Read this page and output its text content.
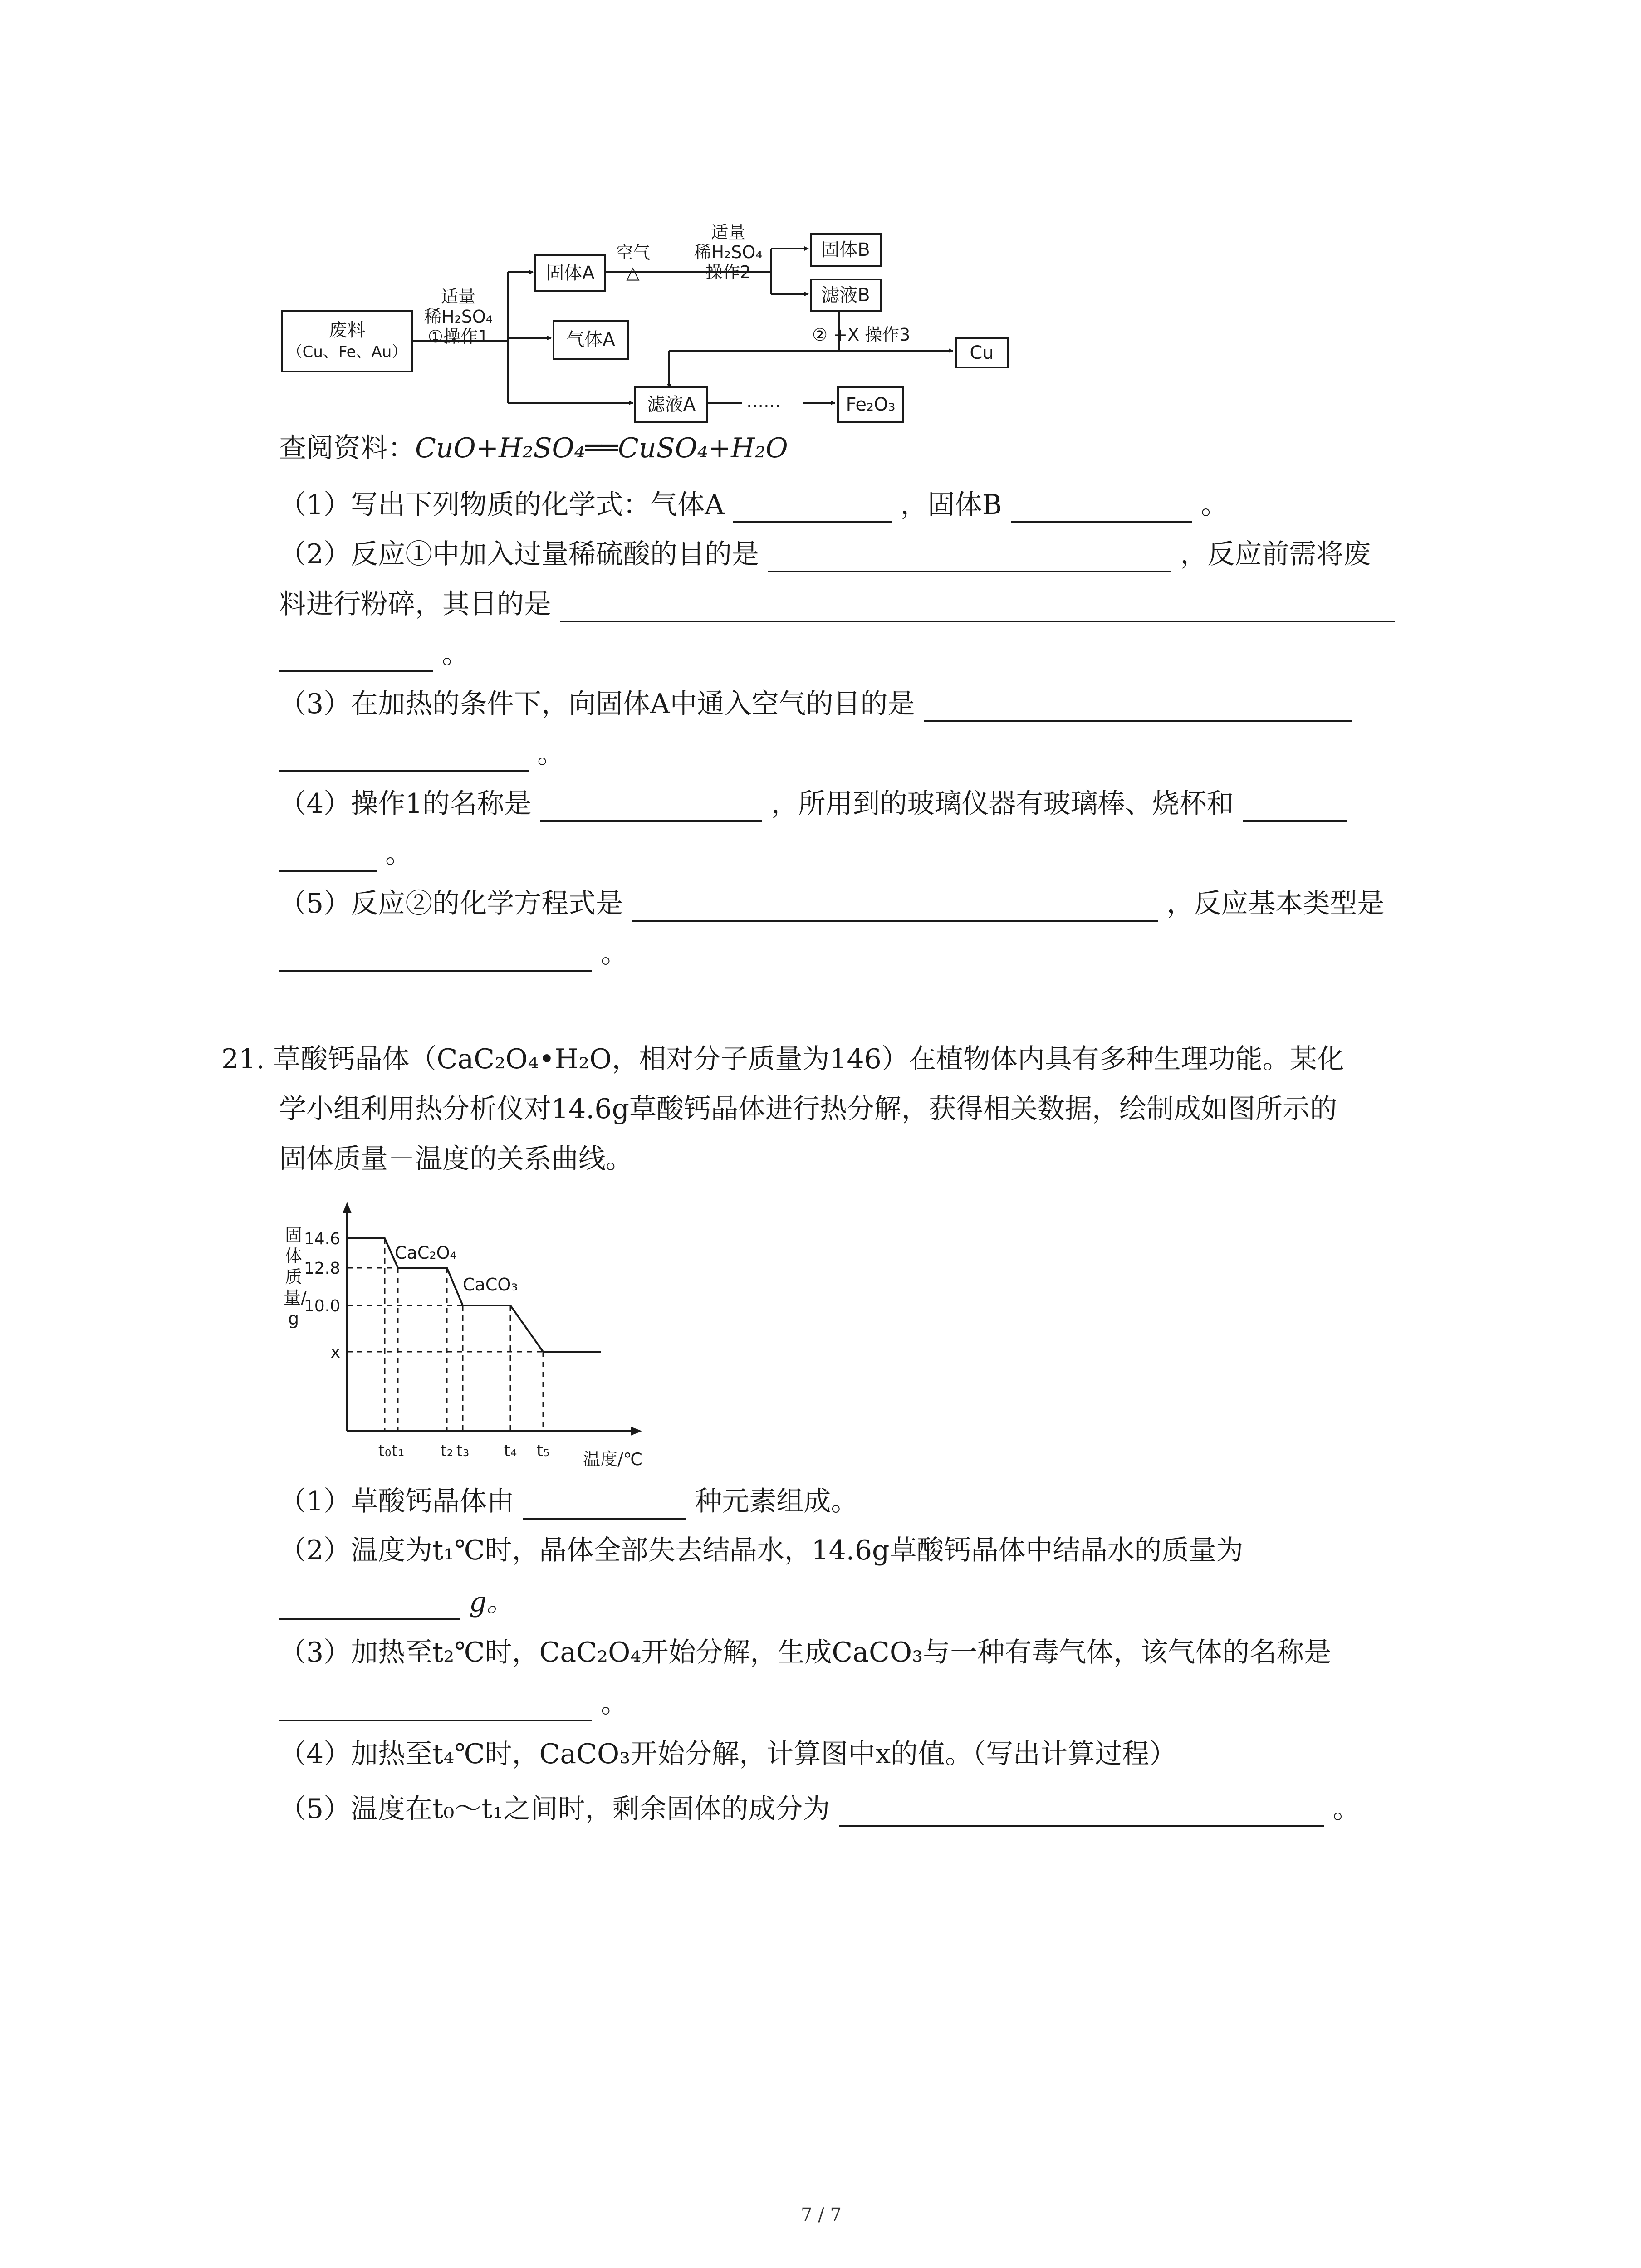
废料
（Cu、Fe、Au）
适量
稀H₂SO₄
①操作1
固体A
气体A
滤液A
空气
△
适量
稀H₂SO₄
操作2
固体B
滤液B
② +X 操作3
Cu
……	Fe₂O₃
查阅资料：CuO+H₂SO₄══CuSO₄+H₂O
（1）写出下列物质的化学式：气体A	，固体B	。
（2）反应①中加入过量稀硫酸的目的是	，反应前需将废
料进行粉碎，其目的是
。
（3）在加热的条件下，向固体A中通入空气的目的是
。
（4）操作1的名称是	，所用到的玻璃仪器有玻璃棒、烧杯和
。
（5）反应②的化学方程式是	，反应基本类型是
。
21. 草酸钙晶体（CaC₂O₄•H₂O，相对分子质量为146）在植物体内具有多种生理功能。某化
学小组利用热分析仪对14.6g草酸钙晶体进行热分解，获得相关数据，绘制成如图所示的
固体质量－温度的关系曲线。
固体质量/g
14.6
12.8
10.0
x
t₀ t₁ t₂ t₃ t₄ t₅ 温度/℃
CaC₂O₄
CaCO₃
（1）草酸钙晶体由	种元素组成。
（2）温度为t₁℃时，晶体全部失去结晶水，14.6g草酸钙晶体中结晶水的质量为
g。
（3）加热至t₂℃时，CaC₂O₄开始分解，生成CaCO₃与一种有毒气体，该气体的名称是
。
（4）加热至t₄℃时，CaCO₃开始分解，计算图中x的值。（写出计算过程）
（5）温度在t₀～t₁之间时，剩余固体的成分为	。
7 / 7
